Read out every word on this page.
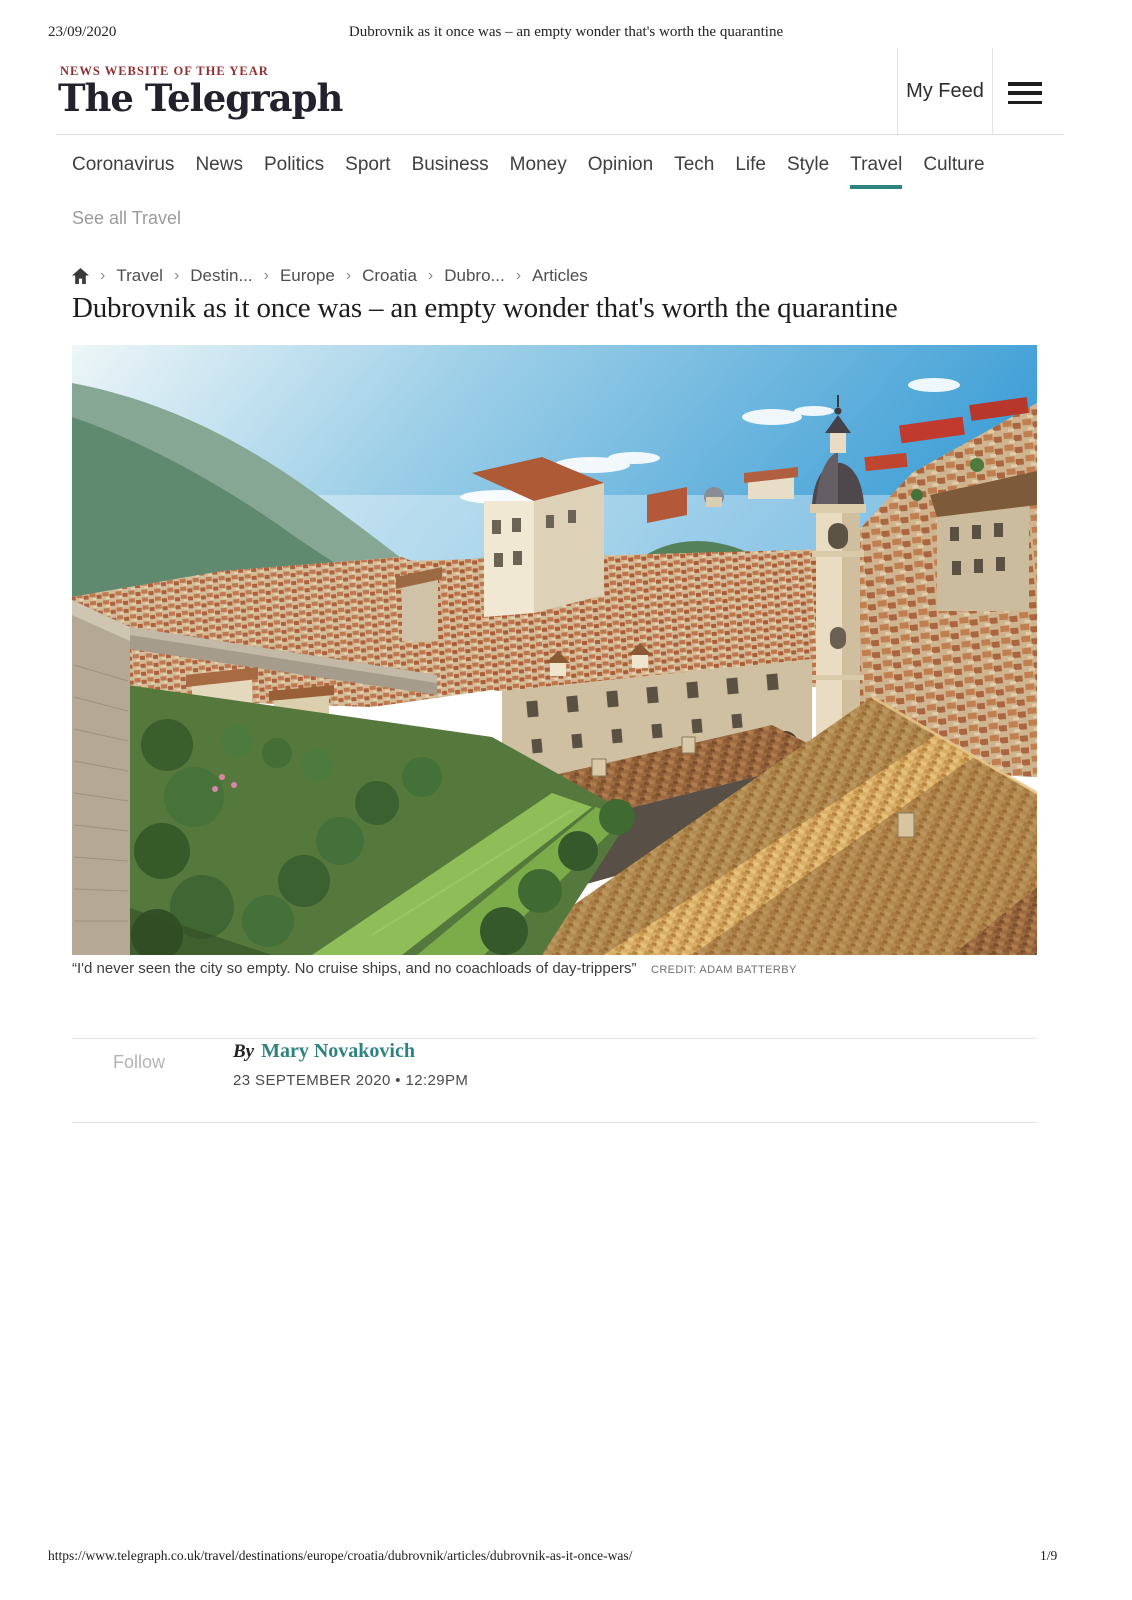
23/09/2020	Dubrovnik as it once was – an empty wonder that's worth the quarantine
NEWS WEBSITE OF THE YEAR
The Telegraph	My Feed
Coronavirus News Politics Sport Business Money Opinion Tech Life Style Travel Culture
See all Travel
› Travel › Destin... › Europe › Croatia › Dubro... › Articles
Dubrovnik as it once was – an empty wonder that's worth the quarantine
“I'd never seen the city so empty. No cruise ships, and no coachloads of day-trippers” CREDIT: ADAM BATTERBY
Follow	By Mary Novakovich
23 SEPTEMBER 2020 • 12:29PM
https://www.telegraph.co.uk/travel/destinations/europe/croatia/dubrovnik/articles/dubrovnik-as-it-once-was/	1/9
